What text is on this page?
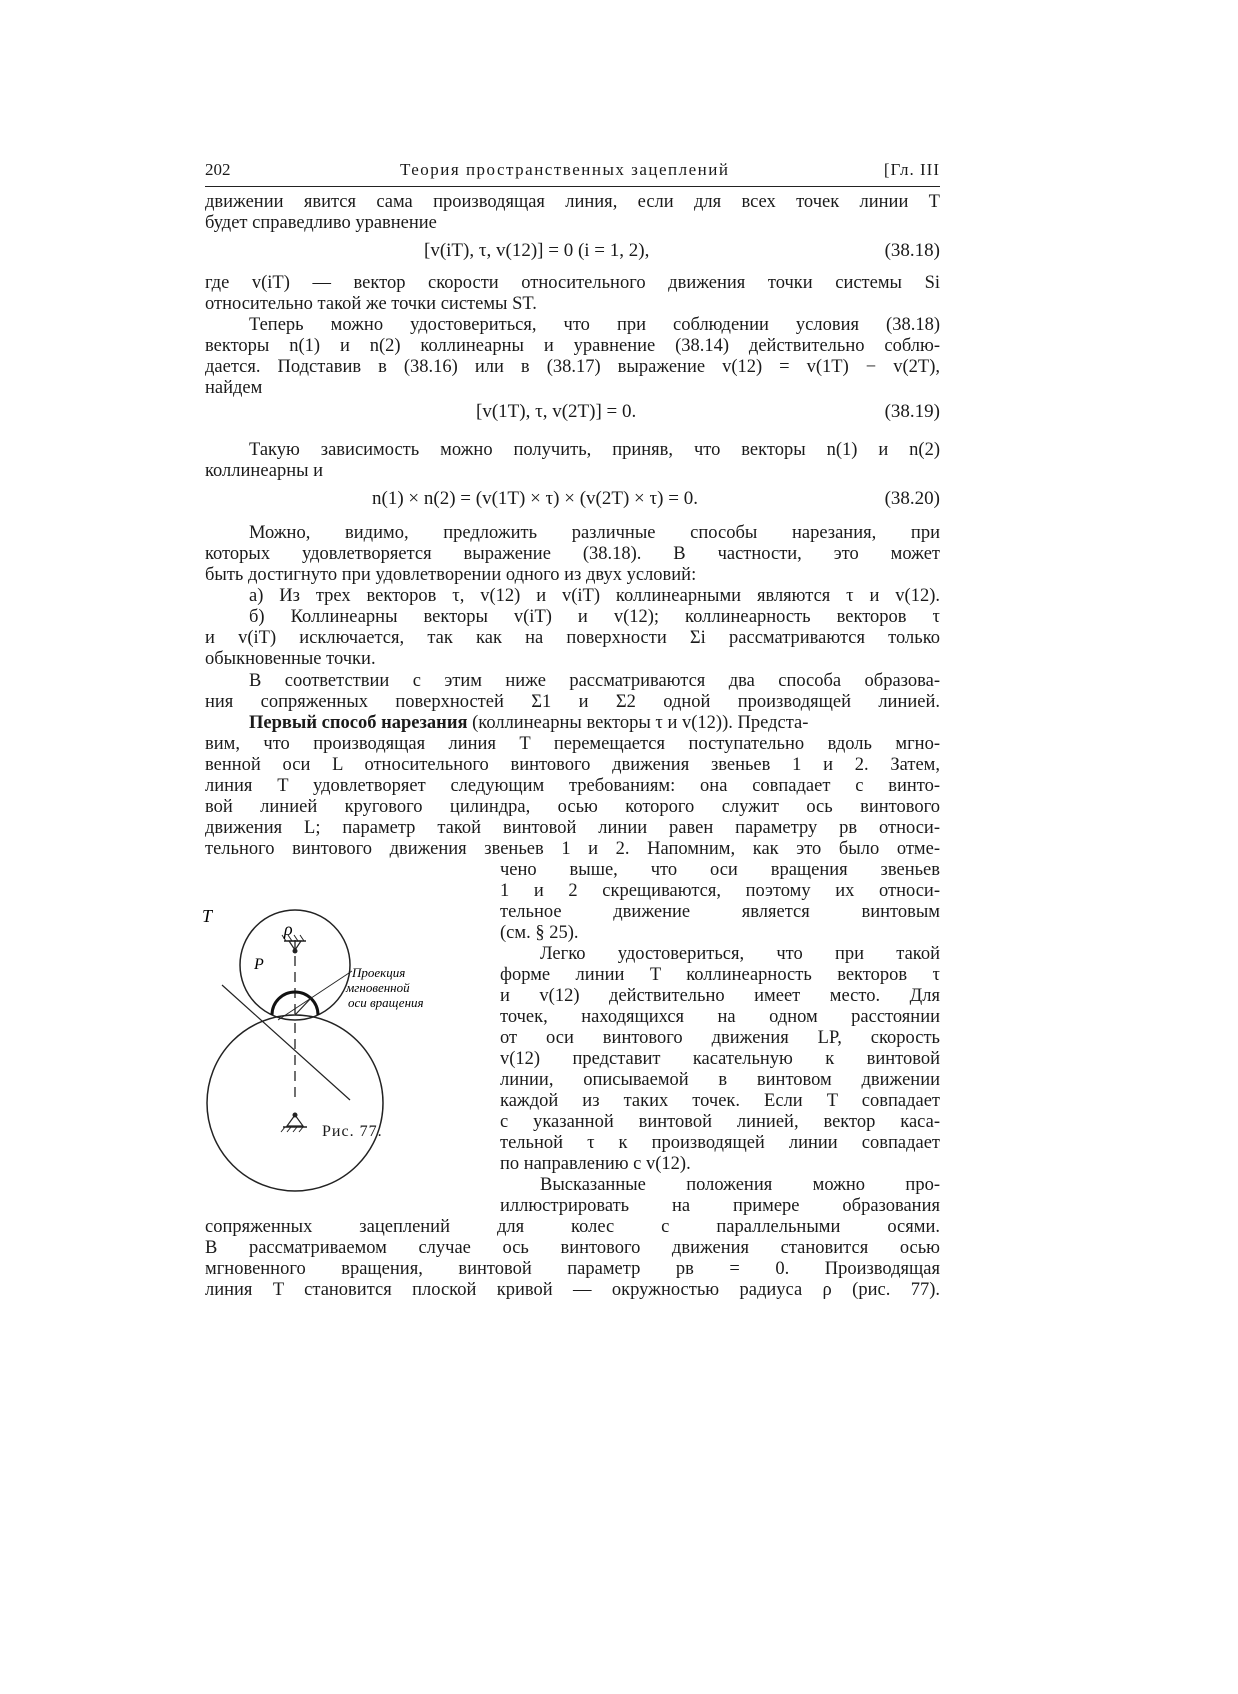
202	Теория пространственных зацеплений	[Гл. III
движении явится сама производящая линия, если для всех точек линии T
будет справедливо уравнение
[v(iT), τ, v(12)] = 0 (i = 1, 2),	(38.18)
где v(iT) — вектор скорости относительного движения точки системы Si
относительно такой же точки системы ST.
Теперь можно удостовериться, что при соблюдении условия (38.18)
векторы n(1) и n(2) коллинеарны и уравнение (38.14) действительно соблю-
дается. Подставив в (38.16) или в (38.17) выражение v(12) = v(1T) − v(2T),
найдем
[v(1T), τ, v(2T)] = 0.	(38.19)
Такую зависимость можно получить, приняв, что векторы n(1) и n(2)
коллинеарны и
n(1) × n(2) = (v(1T) × τ) × (v(2T) × τ) = 0.	(38.20)
Можно, видимо, предложить различные способы нарезания, при
которых удовлетворяется выражение (38.18). В частности, это может
быть достигнуто при удовлетворении одного из двух условий:
а) Из трех векторов τ, v(12) и v(iT) коллинеарными являются τ и v(12).
б) Коллинеарны векторы v(iT) и v(12); коллинеарность векторов τ
и v(iT) исключается, так как на поверхности Σi рассматриваются только
обыкновенные точки.
В соответствии с этим ниже рассматриваются два способа образова-
ния сопряженных поверхностей Σ1 и Σ2 одной производящей линией.
Первый способ нарезания (коллинеарны векторы τ и v(12)). Предста-
вим, что производящая линия T перемещается поступательно вдоль мгно-
венной оси L относительного винтового движения звеньев 1 и 2. Затем,
линия T удовлетворяет следующим требованиям: она совпадает с винто-
вой линией кругового цилиндра, осью которого служит ось винтового
движения L; параметр такой винтовой линии равен параметру pв относи-
тельного винтового движения звеньев 1 и 2. Напомним, как это было отме-
чено выше, что оси вращения звеньев
1 и 2 скрещиваются, поэтому их относи-
тельное движение является винтовым
(см. § 25).
Легко удостовериться, что при такой
форме линии T коллинеарность векторов τ
и v(12) действительно имеет место. Для
точек, находящихся на одном расстоянии
от оси винтового движения LP, скорость
v(12) представит касательную к винтовой
линии, описываемой в винтовом движении
каждой из таких точек. Если T совпадает
с указанной винтовой линией, вектор каса-
тельной τ к производящей линии совпадает
по направлению с v(12).
Высказанные положения можно про-
иллюстрировать на примере образования
сопряженных зацеплений для колес с параллельными осями.
В рассматриваемом случае ось винтового движения становится осью
мгновенного вращения, винтовой параметр pв = 0. Производящая
линия T становится плоской кривой — окружностью радиуса ρ (рис. 77).
T
ρ
P	Проекция
мгновенной
оси вращения
Рис. 77.
